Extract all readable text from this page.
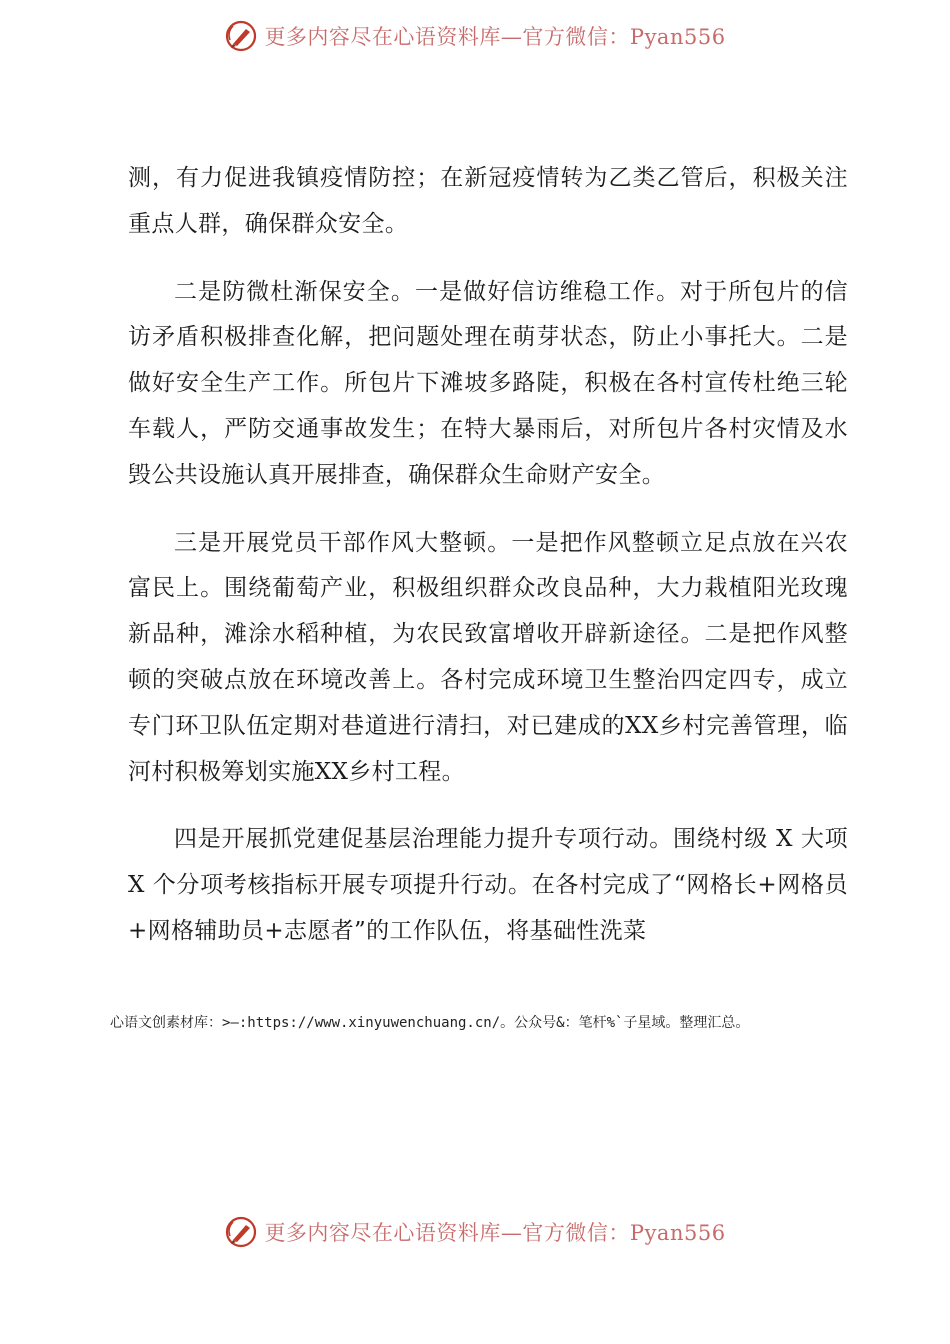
更多内容尽在心语资料库—官方微信：Pyan556

测，有力促进我镇疫情防控；在新冠疫情转为乙类乙管后，积极关注重点人群，确保群众安全。

二是防微杜渐保安全。一是做好信访维稳工作。对于所包片的信访矛盾积极排查化解，把问题处理在萌芽状态，防止小事托大。二是做好安全生产工作。所包片下滩坡多路陡，积极在各村宣传杜绝三轮车载人，严防交通事故发生；在特大暴雨后，对所包片各村灾情及水毁公共设施认真开展排查，确保群众生命财产安全。

三是开展党员干部作风大整顿。一是把作风整顿立足点放在兴农富民上。围绕葡萄产业，积极组织群众改良品种，大力栽植阳光玫瑰新品种，滩涂水稻种植，为农民致富增收开辟新途径。二是把作风整顿的突破点放在环境改善上。各村完成环境卫生整治四定四专，成立专门环卫队伍定期对巷道进行清扫，对已建成的XX乡村完善管理，临河村积极筹划实施XX乡村工程。

四是开展抓党建促基层治理能力提升专项行动。围绕村级 X 大项 X 个分项考核指标开展专项提升行动。在各村完成了“网格长+网格员+网格辅助员+志愿者”的工作队伍，将基础性洗菜

心语文创素材库：>—:https://www.xinyuwenchuang.cn/。公众号&：笔杆%`子星域。整理汇总。
更多内容尽在心语资料库—官方微信：Pyan556
